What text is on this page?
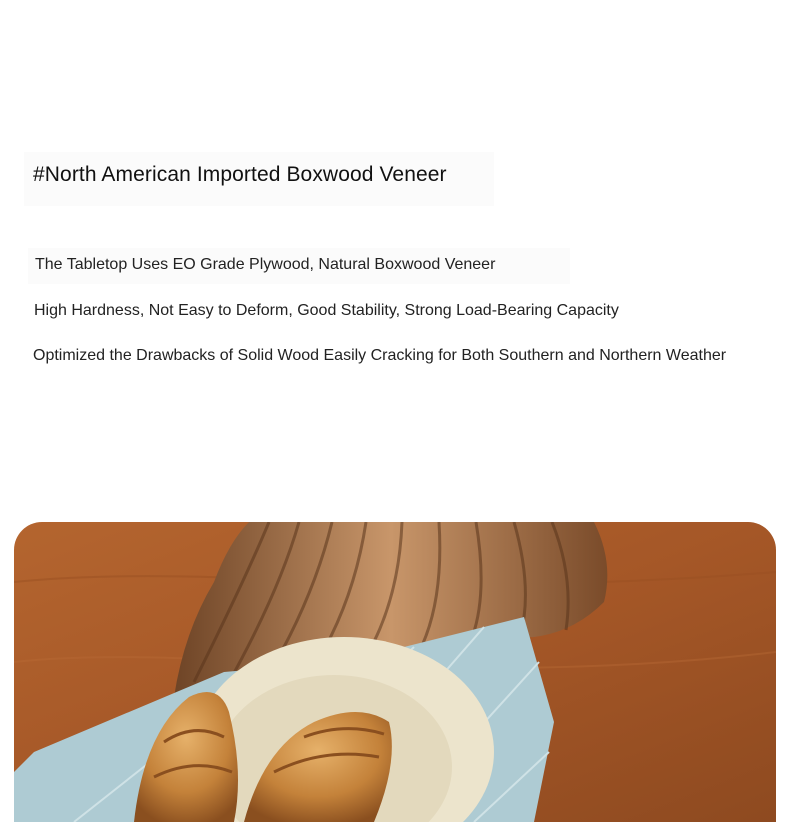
#North American Imported Boxwood Veneer
The Tabletop Uses EO Grade Plywood, Natural Boxwood Veneer
High Hardness, Not Easy to Deform, Good Stability, Strong Load-Bearing Capacity
Optimized the Drawbacks of Solid Wood Easily Cracking for Both Southern and Northern Weather
